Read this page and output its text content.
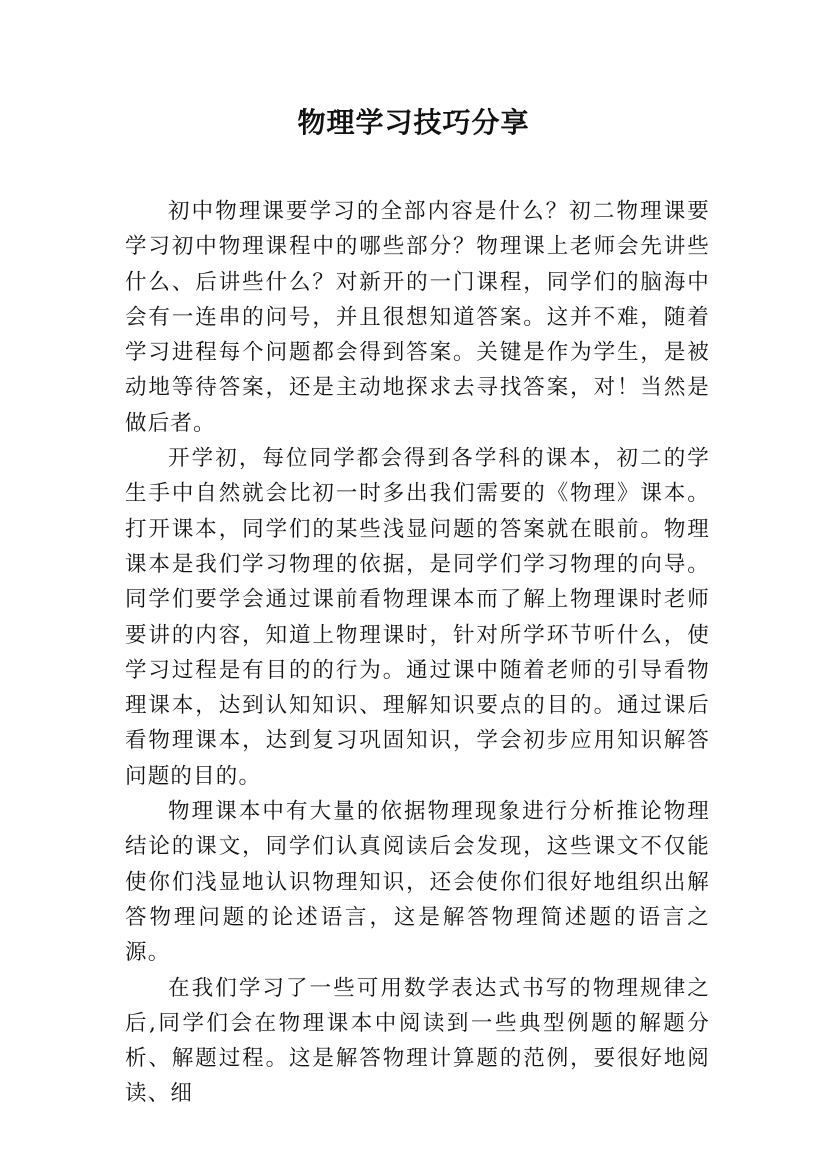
物理学习技巧分享

初中物理课要学习的全部内容是什么？初二物理课要学习初中物理课程中的哪些部分？物理课上老师会先讲些什么、后讲些什么？对新开的一门课程，同学们的脑海中会有一连串的问号，并且很想知道答案。这并不难，随着学习进程每个问题都会得到答案。关键是作为学生，是被动地等待答案，还是主动地探求去寻找答案，对！当然是做后者。

开学初，每位同学都会得到各学科的课本，初二的学生手中自然就会比初一时多出我们需要的《物理》课本。打开课本，同学们的某些浅显问题的答案就在眼前。物理课本是我们学习物理的依据，是同学们学习物理的向导。同学们要学会通过课前看物理课本而了解上物理课时老师要讲的内容，知道上物理课时，针对所学环节听什么，使学习过程是有目的的行为。通过课中随着老师的引导看物理课本，达到认知知识、理解知识要点的目的。通过课后看物理课本，达到复习巩固知识，学会初步应用知识解答问题的目的。

物理课本中有大量的依据物理现象进行分析推论物理结论的课文，同学们认真阅读后会发现，这些课文不仅能使你们浅显地认识物理知识，还会使你们很好地组织出解答物理问题的论述语言，这是解答物理简述题的语言之源。

在我们学习了一些可用数学表达式书写的物理规律之后,同学们会在物理课本中阅读到一些典型例题的解题分析、解题过程。这是解答物理计算题的范例，要很好地阅读、细
